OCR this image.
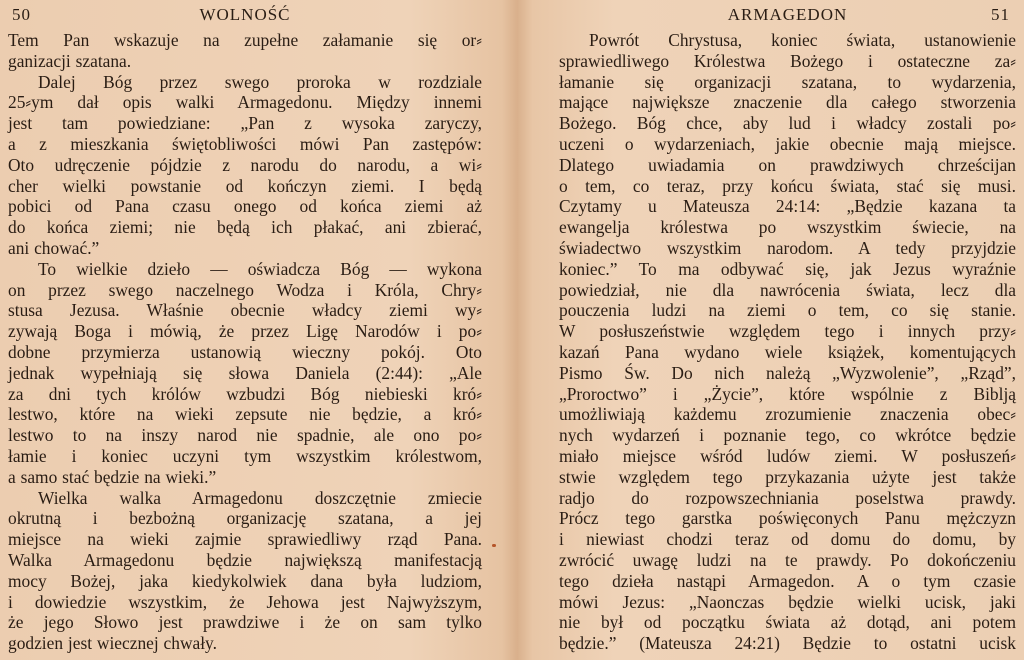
50	WOLNOŚĆ
Tem Pan wskazuje na zupełne załamanie się or⸗
ganizacji szatana.
Dalej Bóg przez swego proroka w rozdziale
25⸗ym dał opis walki Armagedonu. Między innemi
jest tam powiedziane: „Pan z wysoka zaryczy,
a z mieszkania świętobliwości mówi Pan zastępów:
Oto udręczenie pójdzie z narodu do narodu, a wi⸗
cher wielki powstanie od kończyn ziemi. I będą
pobici od Pana czasu onego od końca ziemi aż
do końca ziemi; nie będą ich płakać, ani zbierać,
ani chować.”
To wielkie dzieło — oświadcza Bóg — wykona
on przez swego naczelnego Wodza i Króla, Chry⸗
stusa Jezusa. Właśnie obecnie władcy ziemi wy⸗
zywają Boga i mówią, że przez Ligę Narodów i po⸗
dobne przymierza ustanowią wieczny pokój. Oto
jednak wypełniają się słowa Daniela (2:44): „Ale
za dni tych królów wzbudzi Bóg niebieski kró⸗
lestwo, które na wieki zepsute nie będzie, a kró⸗
lestwo to na inszy narod nie spadnie, ale ono po⸗
łamie i koniec uczyni tym wszystkim królestwom,
a samo stać będzie na wieki.”
Wielka walka Armagedonu doszczętnie zmiecie
okrutną i bezbożną organizację szatana, a jej
miejsce na wieki zajmie sprawiedliwy rząd Pana.
Walka Armagedonu będzie największą manifestacją
mocy Bożej, jaka kiedykolwiek dana była ludziom,
i dowiedzie wszystkim, że Jehowa jest Najwyższym,
że jego Słowo jest prawdziwe i że on sam tylko
godzien jest wiecznej chwały.
ARMAGEDON	51
Powrót Chrystusa, koniec świata, ustanowienie
sprawiedliwego Królestwa Bożego i ostateczne za⸗
łamanie się organizacji szatana, to wydarzenia,
mające największe znaczenie dla całego stworzenia
Bożego. Bóg chce, aby lud i władcy zostali po⸗
uczeni o wydarzeniach, jakie obecnie mają miejsce.
Dlatego uwiadamia on prawdziwych chrześcijan
o tem, co teraz, przy końcu świata, stać się musi.
Czytamy u Mateusza 24:14: „Będzie kazana ta
ewangelja królestwa po wszystkim świecie, na
świadectwo wszystkim narodom. A tedy przyjdzie
koniec.” To ma odbywać się, jak Jezus wyraźnie
powiedział, nie dla nawrócenia świata, lecz dla
pouczenia ludzi na ziemi o tem, co się stanie.
W posłuszeństwie względem tego i innych przy⸗
kazań Pana wydano wiele książek, komentujących
Pismo Św. Do nich należą „Wyzwolenie”, „Rząd”,
„Proroctwo” i „Życie”, które wspólnie z Biblją
umożliwiają każdemu zrozumienie znaczenia obec⸗
nych wydarzeń i poznanie tego, co wkrótce będzie
miało miejsce wśród ludów ziemi. W posłuszeń⸗
stwie względem tego przykazania użyte jest także
radjo do rozpowszechniania poselstwa prawdy.
Prócz tego garstka poświęconych Panu mężczyzn
i niewiast chodzi teraz od domu do domu, by
zwrócić uwagę ludzi na te prawdy. Po dokończeniu
tego dzieła nastąpi Armagedon. A o tym czasie
mówi Jezus: „Naonczas będzie wielki ucisk, jaki
nie był od początku świata aż dotąd, ani potem
będzie.” (Mateusza 24:21) Będzie to ostatni ucisk
